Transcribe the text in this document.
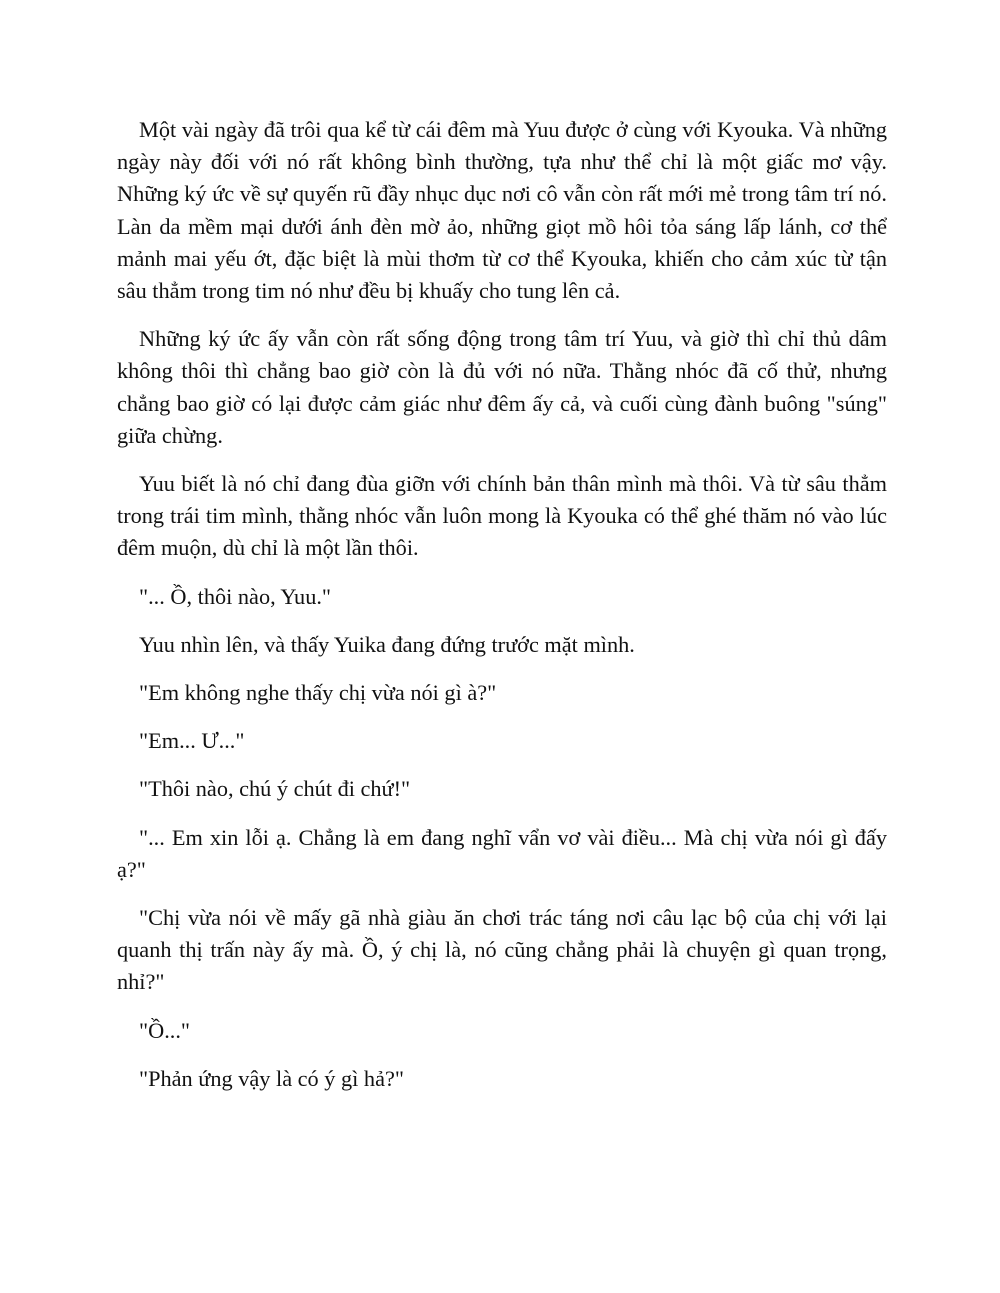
Một vài ngày đã trôi qua kể từ cái đêm mà Yuu được ở cùng với Kyouka. Và những ngày này đối với nó rất không bình thường, tựa như thể chỉ là một giấc mơ vậy. Những ký ức về sự quyến rũ đầy nhục dục nơi cô vẫn còn rất mới mẻ trong tâm trí nó. Làn da mềm mại dưới ánh đèn mờ ảo, những giọt mồ hôi tỏa sáng lấp lánh, cơ thể mảnh mai yếu ớt, đặc biệt là mùi thơm từ cơ thể Kyouka, khiến cho cảm xúc từ tận sâu thẳm trong tim nó như đều bị khuấy cho tung lên cả.

Những ký ức ấy vẫn còn rất sống động trong tâm trí Yuu, và giờ thì chỉ thủ dâm không thôi thì chẳng bao giờ còn là đủ với nó nữa. Thằng nhóc đã cố thử, nhưng chẳng bao giờ có lại được cảm giác như đêm ấy cả, và cuối cùng đành buông "súng" giữa chừng.

Yuu biết là nó chỉ đang đùa giỡn với chính bản thân mình mà thôi. Và từ sâu thẳm trong trái tim mình, thằng nhóc vẫn luôn mong là Kyouka có thể ghé thăm nó vào lúc đêm muộn, dù chỉ là một lần thôi.

"... Ồ, thôi nào, Yuu."

Yuu nhìn lên, và thấy Yuika đang đứng trước mặt mình.

"Em không nghe thấy chị vừa nói gì à?"

"Em... Ư..."

"Thôi nào, chú ý chút đi chứ!"

"... Em xin lỗi ạ. Chẳng là em đang nghĩ vẩn vơ vài điều... Mà chị vừa nói gì đấy ạ?"

"Chị vừa nói về mấy gã nhà giàu ăn chơi trác táng nơi câu lạc bộ của chị với lại quanh thị trấn này ấy mà. Ồ, ý chị là, nó cũng chẳng phải là chuyện gì quan trọng, nhỉ?"

"Ồ..."

"Phản ứng vậy là có ý gì hả?"
